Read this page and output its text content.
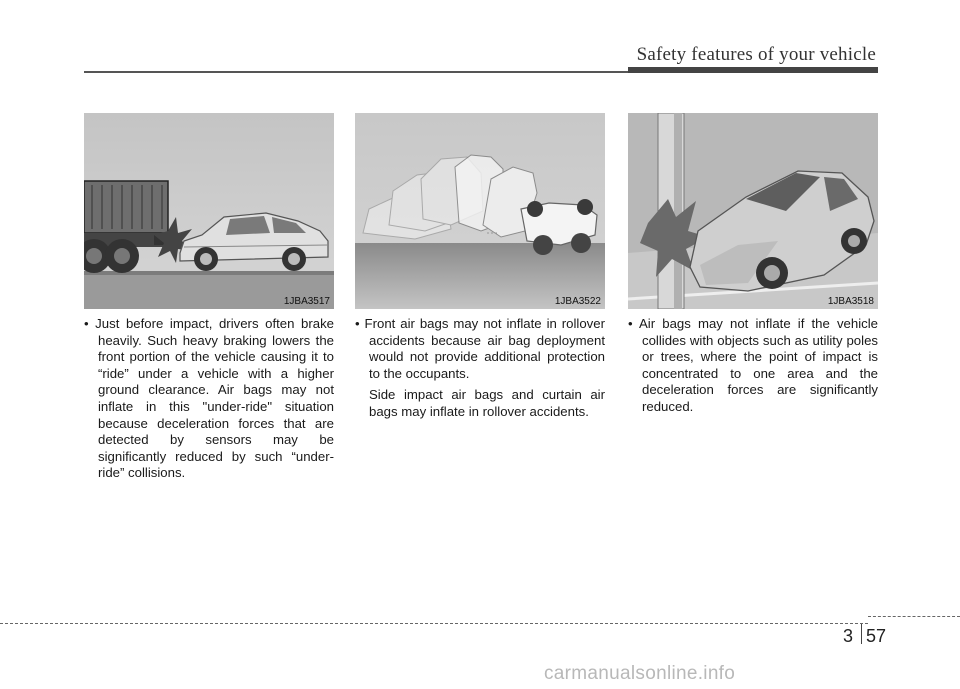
Safety features of your vehicle
1JBA3517	1JBA3522	1JBA3518

• Just before impact, drivers often brake heavily. Such heavy braking lowers the front portion of the vehicle causing it to “ride” under a vehicle with a higher ground clearance. Air bags may not inflate in this "under-ride" situation because deceleration forces that are detected by sensors may be significantly reduced by such “under-ride” collisions.

• Front air bags may not inflate in rollover accidents because air bag deployment would not provide additional protection to the occupants.

Side impact air bags and curtain air bags may inflate in rollover accidents.

• Air bags may not inflate if the vehicle collides with objects such as utility poles or trees, where the point of impact is concentrated to one area and the deceleration forces are significantly reduced.

3 57
carmanualsonline.info
